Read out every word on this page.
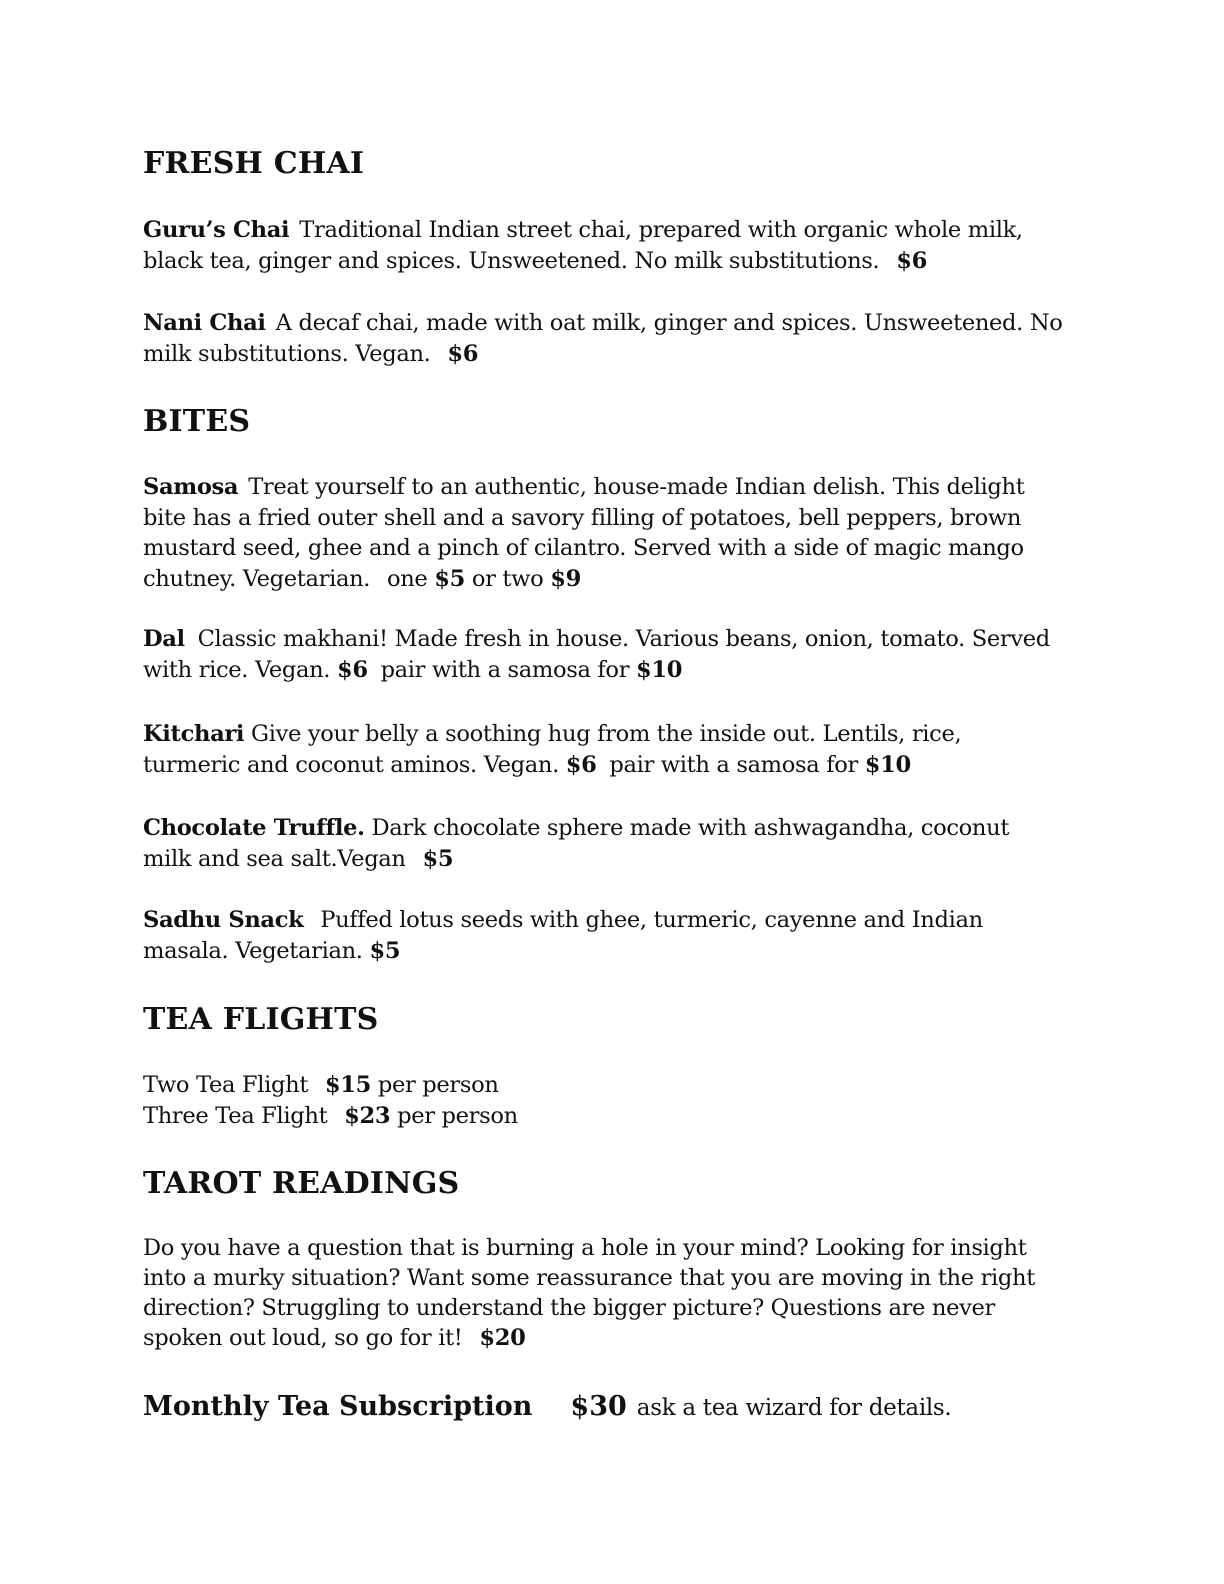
FRESH CHAI

Guru’s Chai Traditional Indian street chai, prepared with organic whole milk, black tea, ginger and spices. Unsweetened. No milk substitutions. $6

Nani Chai A decaf chai, made with oat milk, ginger and spices. Unsweetened. No milk substitutions. Vegan. $6

BITES

Samosa Treat yourself to an authentic, house-made Indian delish. This delight bite has a fried outer shell and a savory filling of potatoes, bell peppers, brown mustard seed, ghee and a pinch of cilantro. Served with a side of magic mango chutney. Vegetarian. one $5 or two $9

Dal Classic makhani! Made fresh in house. Various beans, onion, tomato. Served with rice. Vegan. $6 pair with a samosa for $10

Kitchari Give your belly a soothing hug from the inside out. Lentils, rice, turmeric and coconut aminos. Vegan. $6 pair with a samosa for $10

Chocolate Truffle. Dark chocolate sphere made with ashwagandha, coconut milk and sea salt.Vegan $5

Sadhu Snack Puffed lotus seeds with ghee, turmeric, cayenne and Indian masala. Vegetarian. $5

TEA FLIGHTS

Two Tea Flight $15 per person

Three Tea Flight $23 per person

TAROT READINGS

Do you have a question that is burning a hole in your mind? Looking for insight into a murky situation? Want some reassurance that you are moving in the right direction? Struggling to understand the bigger picture? Questions are never spoken out loud, so go for it! $20

Monthly Tea Subscription $30 ask a tea wizard for details.
